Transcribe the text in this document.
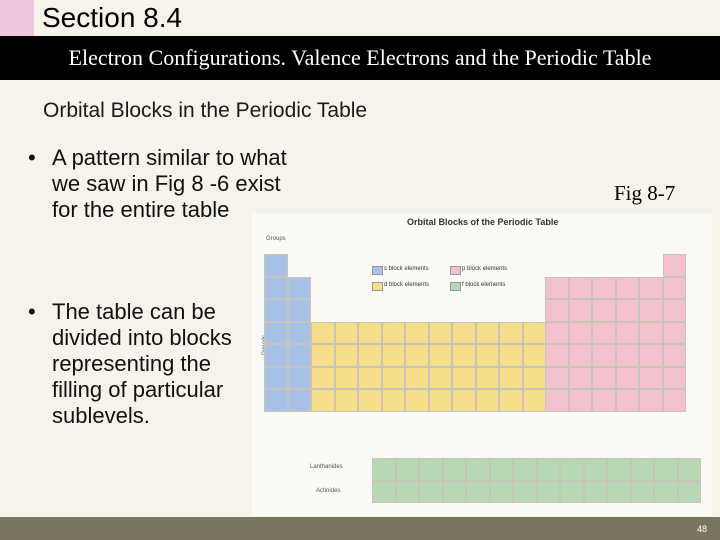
Section 8.4
Electron Configurations. Valence Electrons and the Periodic Table
Orbital Blocks in the Periodic Table
• A pattern similar to what we saw in Fig 8 -6 exist for the entire table
• The table can be divided into blocks representing the filling of particular sublevels.
Fig 8-7
Orbital Blocks of the Periodic Table
Groups
s block elements	p block elements
d block elements	f block elements
Lanthanides
Actinides
48
